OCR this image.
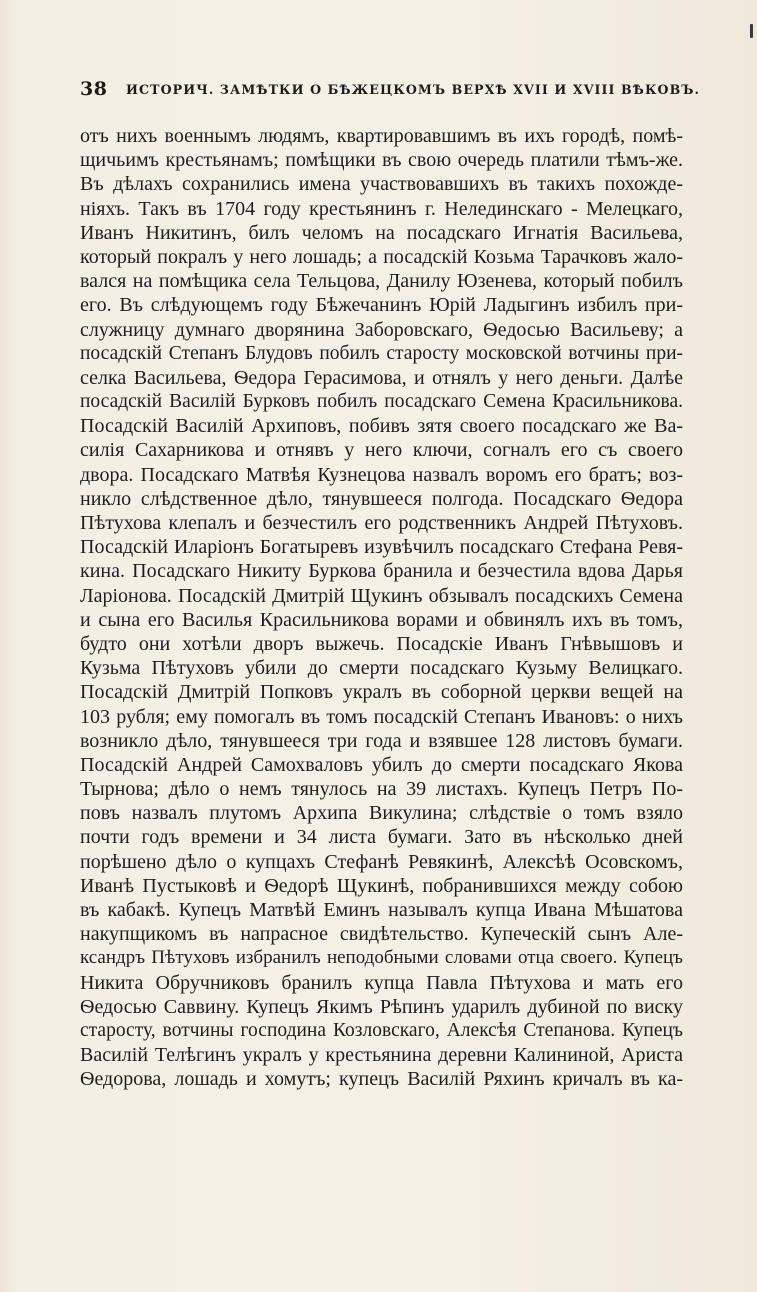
38 ИСТОРИЧ. ЗАМѢТКИ О БѢЖЕЦКОМЪ ВЕРХѢ XVII И XVIII ВѢКОВЪ.
отъ нихъ военнымъ людямъ, квартировавшимъ въ ихъ городѣ, помѣ-
щичьимъ крестьянамъ; помѣщики въ свою очередь платили тѣмъ-же.
Въ дѣлахъ сохранились имена участвовавшихъ въ такихъ похожде-
ніяхъ. Такъ въ 1704 году крестьянинъ г. Нелединскаго - Мелецкаго,
Иванъ Никитинъ, билъ челомъ на посадскаго Игнатія Васильева,
который покралъ у него лошадь; а посадскій Козьма Тарачковъ жало-
вался на помѣщика села Тельцова, Данилу Юзенева, который побилъ
его. Въ слѣдующемъ году Бѣжечанинъ Юрій Ладыгинъ избилъ при-
служницу думнаго дворянина Заборовскаго, Ѳедосью Васильеву; а
посадскій Степанъ Блудовъ побилъ старосту московской вотчины при-
селка Васильева, Ѳедора Герасимова, и отнялъ у него деньги. Далѣе
посадскій Василій Бурковъ побилъ посадскаго Семена Красильникова.
Посадскій Василій Архиповъ, побивъ зятя своего посадскаго же Ва-
силія Сахарникова и отнявъ у него ключи, согналъ его съ своего
двора. Посадскаго Матвѣя Кузнецова назвалъ воромъ его братъ; воз-
никло слѣдственное дѣло, тянувшееся полгода. Посадскаго Ѳедора
Пѣтухова клепалъ и безчестилъ его родственникъ Андрей Пѣтуховъ.
Посадскій Иларіонъ Богатыревъ изувѣчилъ посадскаго Стефана Ревя-
кина. Посадскаго Никиту Буркова бранила и безчестила вдова Дарья
Ларіонова. Посадскій Дмитрій Щукинъ обзывалъ посадскихъ Семена
и сына его Василья Красильникова ворами и обвинялъ ихъ въ томъ,
будто они хотѣли дворъ выжечь. Посадскіе Иванъ Гнѣвышовъ и
Кузьма Пѣтуховъ убили до смерти посадскаго Кузьму Велицкаго.
Посадскій Дмитрій Попковъ укралъ въ соборной церкви вещей на
103 рубля; ему помогалъ въ томъ посадскій Степанъ Ивановъ: о нихъ
возникло дѣло, тянувшееся три года и взявшее 128 листовъ бумаги.
Посадскій Андрей Самохваловъ убилъ до смерти посадскаго Якова
Тырнова; дѣло о немъ тянулось на 39 листахъ. Купецъ Петръ По-
повъ назвалъ плутомъ Архипа Викулина; слѣдствіе о томъ взяло
почти годъ времени и 34 листа бумаги. Зато въ нѣсколько дней
порѣшено дѣло о купцахъ Стефанѣ Ревякинѣ, Алексѣѣ Осовскомъ,
Иванѣ Пустыковѣ и Ѳедорѣ Щукинѣ, побранившихся между собою
въ кабакѣ. Купецъ Матвѣй Еминъ называлъ купца Ивана Мѣшатова
накупщикомъ въ напрасное свидѣтельство. Купеческій сынъ Але-
ксандръ Пѣтуховъ избранилъ неподобными словами отца своего. Купецъ
Никита Обручниковъ бранилъ купца Павла Пѣтухова и мать его
Ѳедосью Саввину. Купецъ Якимъ Рѣпинъ ударилъ дубиной по виску
старосту, вотчины господина Козловскаго, Алексѣя Степанова. Купецъ
Василій Телѣгинъ укралъ у крестьянина деревни Калининой, Ариста
Ѳедорова, лошадь и хомутъ; купецъ Василій Ряхинъ кричалъ въ ка-
